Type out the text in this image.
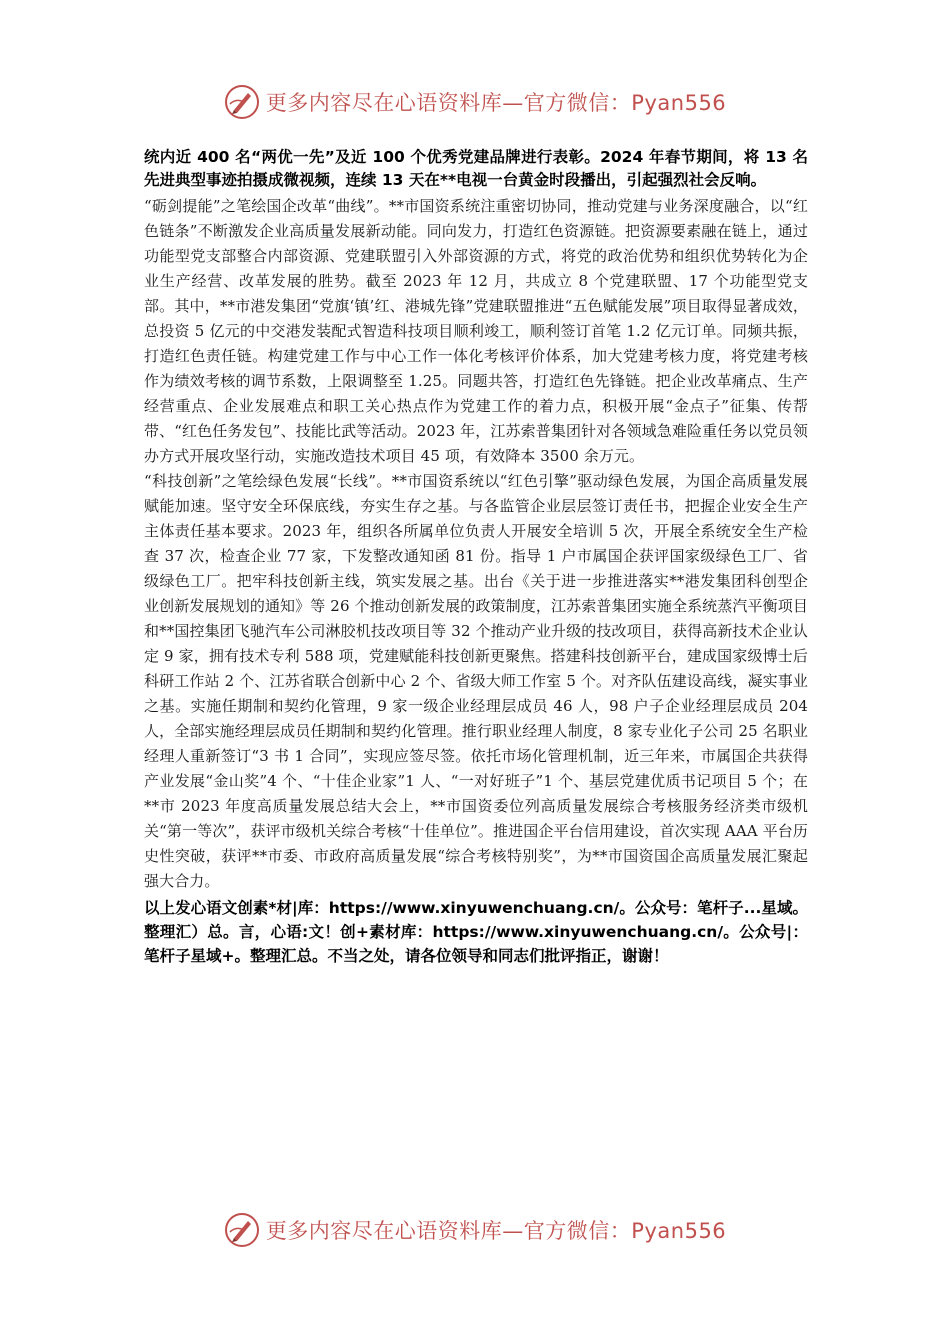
更多内容尽在心语资料库—官方微信：Pyan556

统内近 400 名“两优一先”及近 100 个优秀党建品牌进行表彰。2024 年春节期间，将 13 名先进典型事迹拍摄成微视频，连续 13 天在**电视一台黄金时段播出，引起强烈社会反响。

“砺剑提能”之笔绘国企改革“曲线”。**市国资系统注重密切协同，推动党建与业务深度融合，以“红色链条”不断激发企业高质量发展新动能。同向发力，打造红色资源链。把资源要素融在链上，通过功能型党支部整合内部资源、党建联盟引入外部资源的方式，将党的政治优势和组织优势转化为企业生产经营、改革发展的胜势。截至 2023 年 12 月，共成立 8 个党建联盟、17 个功能型党支部。其中，**市港发集团“党旗‘镇’红、港城先锋”党建联盟推进“五色赋能发展”项目取得显著成效，总投资 5 亿元的中交港发装配式智造科技项目顺利竣工，顺利签订首笔 1.2 亿元订单。同频共振，打造红色责任链。构建党建工作与中心工作一体化考核评价体系，加大党建考核力度，将党建考核作为绩效考核的调节系数，上限调整至 1.25。同题共答，打造红色先锋链。把企业改革痛点、生产经营重点、企业发展难点和职工关心热点作为党建工作的着力点，积极开展“金点子”征集、传帮带、“红色任务发包”、技能比武等活动。2023 年，江苏索普集团针对各领域急难险重任务以党员领办方式开展攻坚行动，实施改造技术项目 45 项，有效降本 3500 余万元。

“科技创新”之笔绘绿色发展“长线”。**市国资系统以“红色引擎”驱动绿色发展，为国企高质量发展赋能加速。坚守安全环保底线，夯实生存之基。与各监管企业层层签订责任书，把握企业安全生产主体责任基本要求。2023 年，组织各所属单位负责人开展安全培训 5 次，开展全系统安全生产检查 37 次，检查企业 77 家，下发整改通知函 81 份。指导 1 户市属国企获评国家级绿色工厂、省级绿色工厂。把牢科技创新主线，筑实发展之基。出台《关于进一步推进落实**港发集团科创型企业创新发展规划的通知》等 26 个推动创新发展的政策制度，江苏索普集团实施全系统蒸汽平衡项目和**国控集团飞驰汽车公司淋胶机技改项目等 32 个推动产业升级的技改项目，获得高新技术企业认定 9 家，拥有技术专利 588 项，党建赋能科技创新更聚焦。搭建科技创新平台，建成国家级博士后科研工作站 2 个、江苏省联合创新中心 2 个、省级大师工作室 5 个。对齐队伍建设高线，凝实事业之基。实施任期制和契约化管理，9 家一级企业经理层成员 46 人，98 户子企业经理层成员 204 人，全部实施经理层成员任期制和契约化管理。推行职业经理人制度，8 家专业化子公司 25 名职业经理人重新签订“3 书 1 合同”，实现应签尽签。依托市场化管理机制，近三年来，市属国企共获得产业发展“金山奖”4 个、“十佳企业家”1 人、“一对好班子”1 个、基层党建优质书记项目 5 个；在**市 2023 年度高质量发展总结大会上，**市国资委位列高质量发展综合考核服务经济类市级机关“第一等次”，获评市级机关综合考核“十佳单位”。推进国企平台信用建设，首次实现 AAA 平台历史性突破，获评**市委、市政府高质量发展“综合考核特别奖”，为**市国资国企高质量发展汇聚起强大合力。

以上发心语文创素*材|库：https://www.xinyuwenchuang.cn/。公众号：笔杆子...星域。整理汇）总。言，心语:文！创+素材库：https://www.xinyuwenchuang.cn/。公众号|：笔杆子星域+。整理汇总。不当之处，请各位领导和同志们批评指正，谢谢！

更多内容尽在心语资料库—官方微信：Pyan556
